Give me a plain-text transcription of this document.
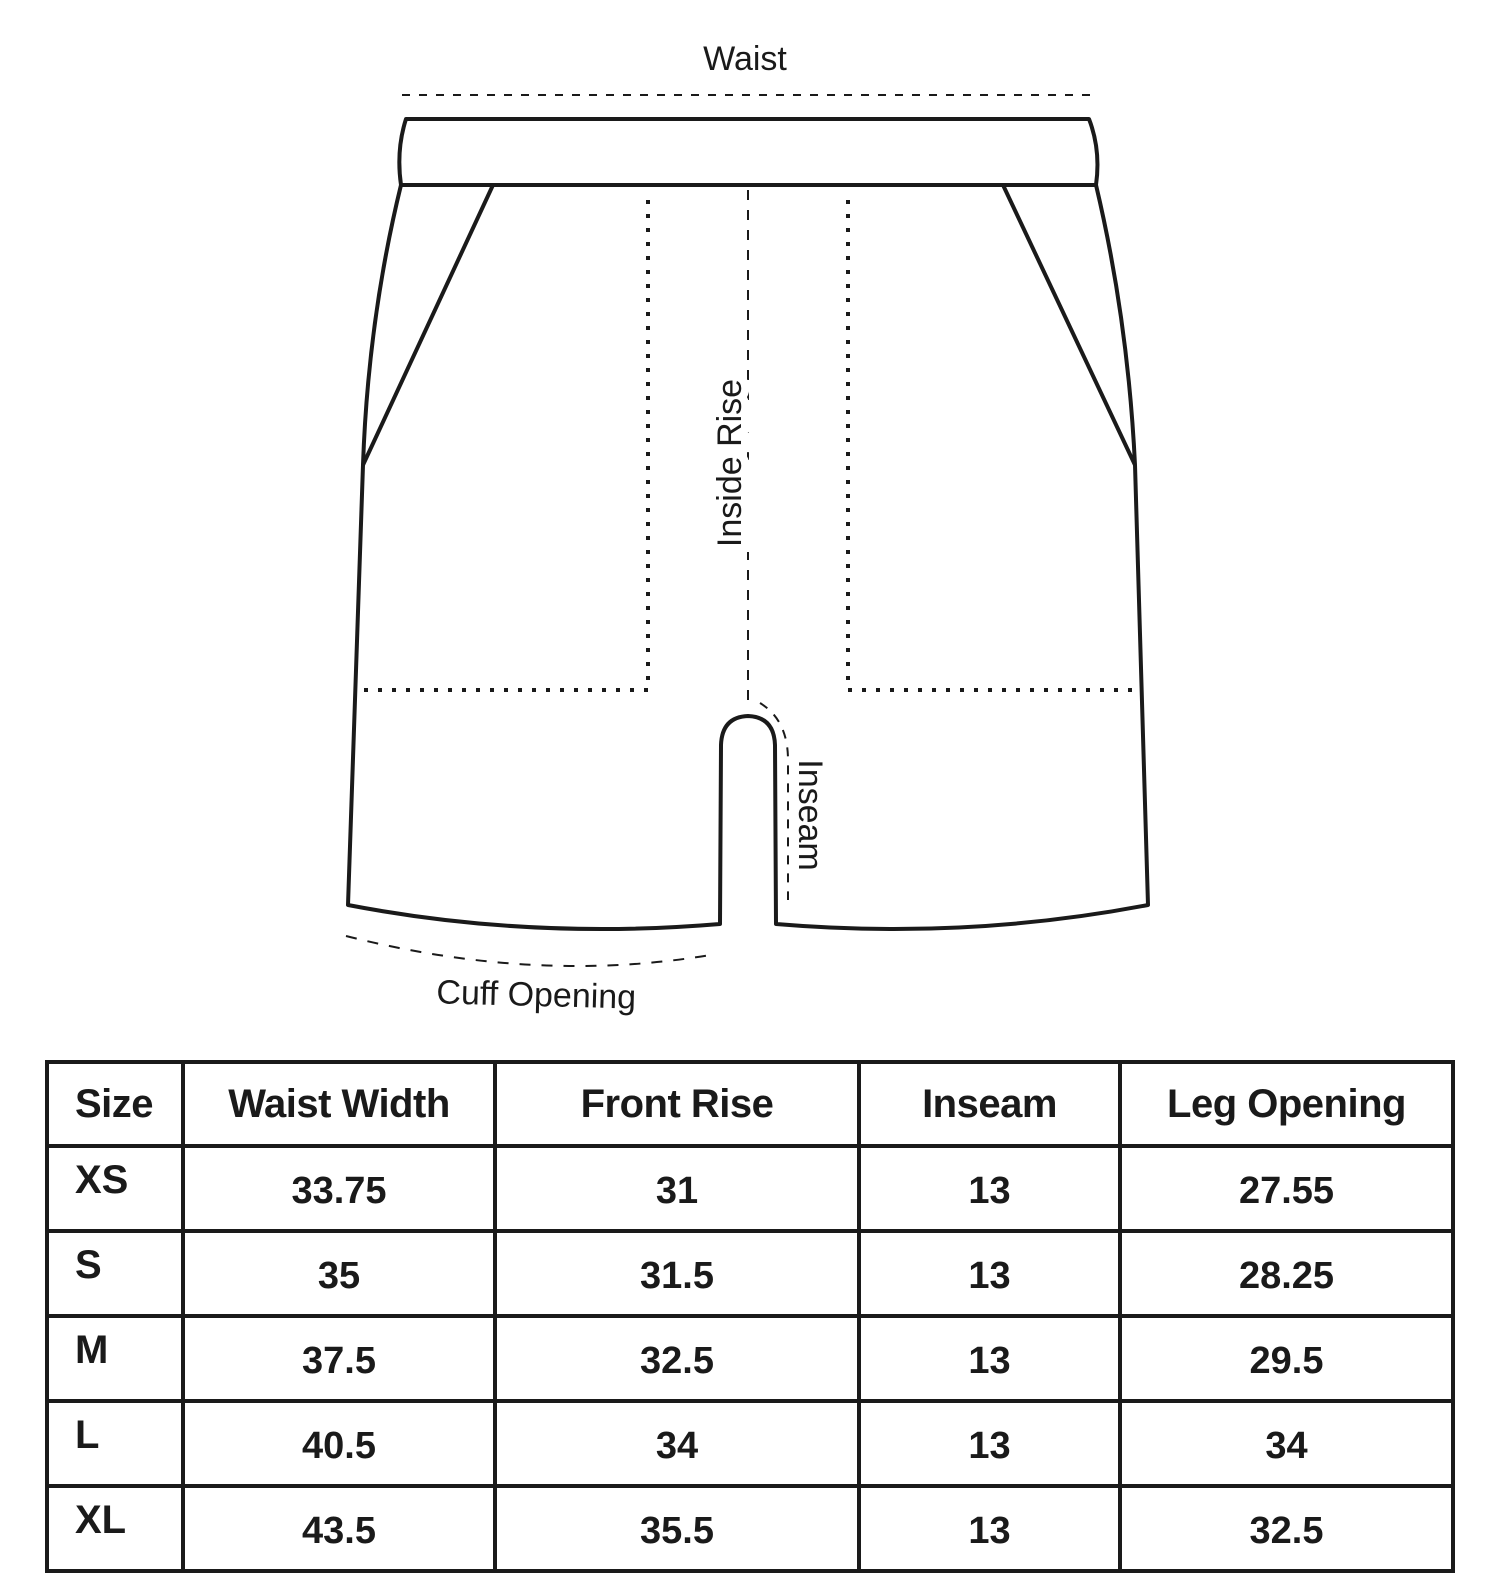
Waist
Inside Rise
Inseam
Cuff Opening
Size	Waist Width	Front Rise	Inseam	Leg Opening
XS	33.75	31	13	27.55
S	35	31.5	13	28.25
M	37.5	32.5	13	29.5
L	40.5	34	13	34
XL	43.5	35.5	13	32.5
